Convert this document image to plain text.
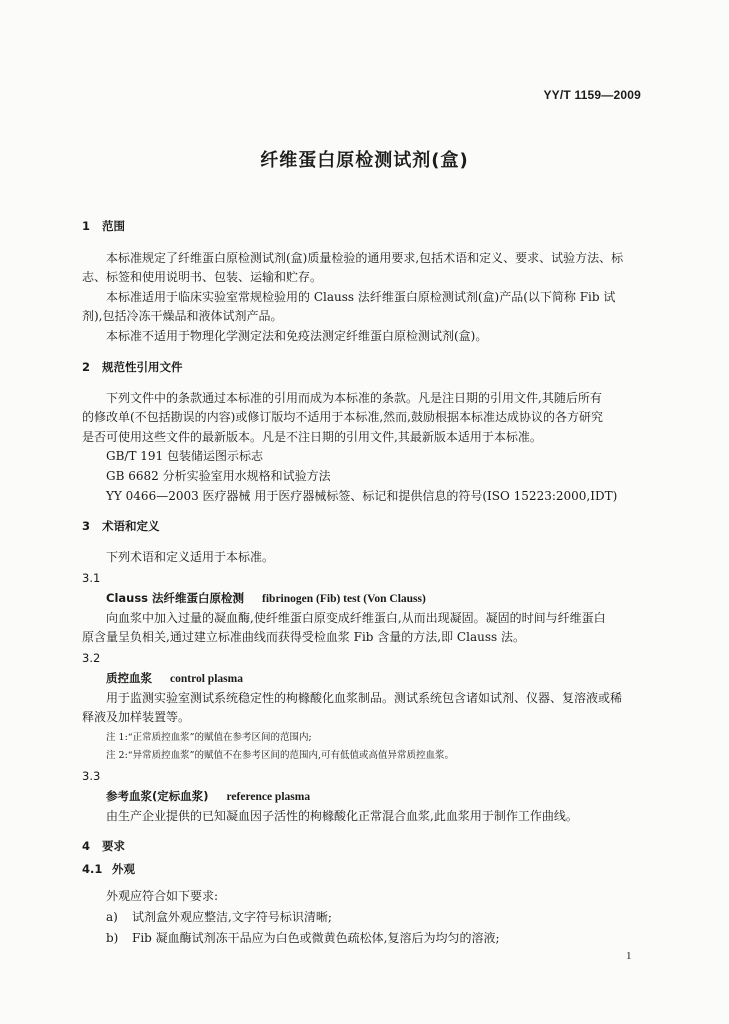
YY/T 1159—2009
纤维蛋白原检测试剂(盒)
1 范围
本标准规定了纤维蛋白原检测试剂(盒)质量检验的通用要求,包括术语和定义、要求、试验方法、标
志、标签和使用说明书、包装、运输和贮存。
本标准适用于临床实验室常规检验用的 Clauss 法纤维蛋白原检测试剂(盒)产品(以下简称 Fib 试
剂),包括冷冻干燥品和液体试剂产品。
本标准不适用于物理化学测定法和免疫法测定纤维蛋白原检测试剂(盒)。
2 规范性引用文件
下列文件中的条款通过本标准的引用而成为本标准的条款。凡是注日期的引用文件,其随后所有
的修改单(不包括勘误的内容)或修订版均不适用于本标准,然而,鼓励根据本标准达成协议的各方研究
是否可使用这些文件的最新版本。凡是不注日期的引用文件,其最新版本适用于本标准。
GB/T 191 包装储运图示标志
GB 6682 分析实验室用水规格和试验方法
YY 0466—2003 医疗器械 用于医疗器械标签、标记和提供信息的符号(ISO 15223:2000,IDT)
3 术语和定义
下列术语和定义适用于本标准。
3.1
Clauss 法纤维蛋白原检测 fibrinogen (Fib) test (Von Clauss)
向血浆中加入过量的凝血酶,使纤维蛋白原变成纤维蛋白,从而出现凝固。凝固的时间与纤维蛋白
原含量呈负相关,通过建立标准曲线而获得受检血浆 Fib 含量的方法,即 Clauss 法。
3.2
质控血浆 control plasma
用于监测实验室测试系统稳定性的枸橼酸化血浆制品。测试系统包含诸如试剂、仪器、复溶液或稀
释液及加样装置等。
注 1:“正常质控血浆”的赋值在参考区间的范围内;
注 2:“异常质控血浆”的赋值不在参考区间的范围内,可有低值或高值异常质控血浆。
3.3
参考血浆(定标血浆) reference plasma
由生产企业提供的已知凝血因子活性的枸橼酸化正常混合血浆,此血浆用于制作工作曲线。
4 要求
4.1 外观
外观应符合如下要求:
a) 试剂盒外观应整洁,文字符号标识清晰;
b) Fib 凝血酶试剂冻干品应为白色或微黄色疏松体,复溶后为均匀的溶液;
1
